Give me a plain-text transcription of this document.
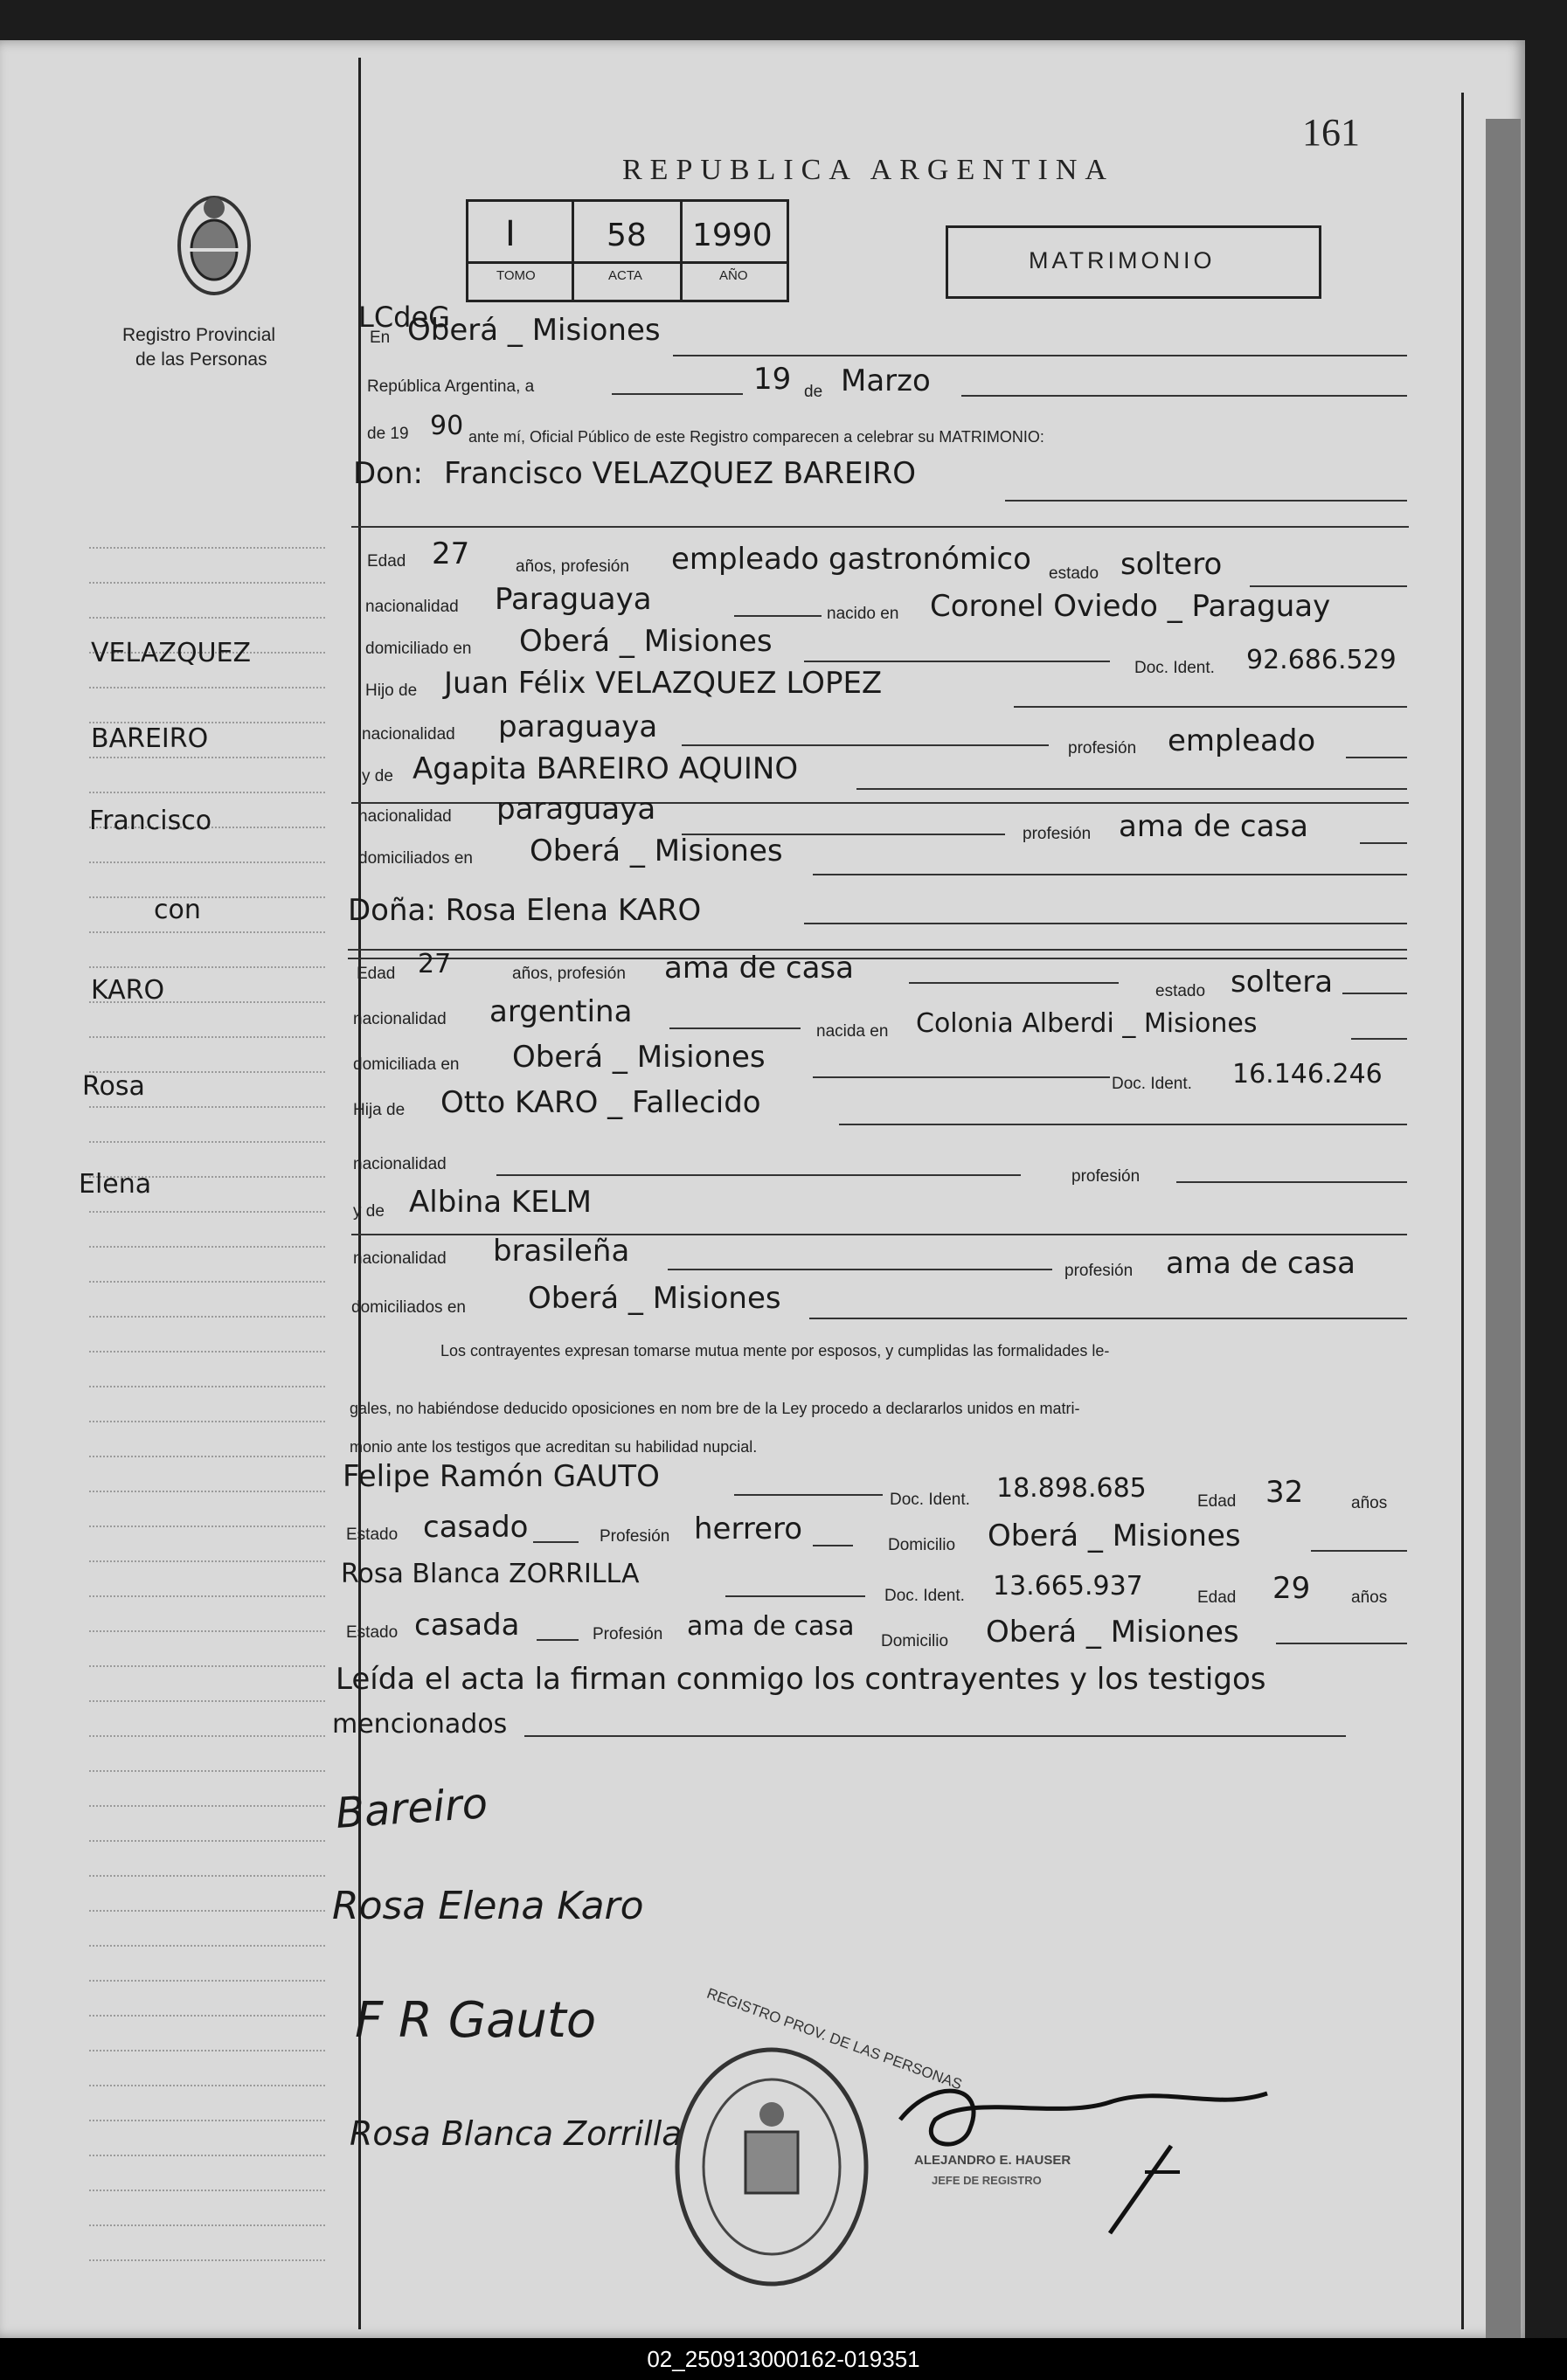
161
Registro Provincial
de las Personas
REPUBLICA ARGENTINA
I	58 1990
TOMO	ACTA	AÑO
LCdeG
MATRIMONIO
En Oberá _ Misiones
República Argentina, a	19 de Marzo
de 19 90 ante mí, Oficial Público de este Registro comparecen a celebrar su MATRIMONIO:
Don: Francisco VELAZQUEZ BAREIRO
Edad 27	años, profesión empleado gastronómico estado soltero
nacionalidad Paraguaya	nacido en Coronel Oviedo _ Paraguay
domiciliado en Oberá _ Misiones
Doc. Ident. 92.686.529
Hijo de Juan Félix VELAZQUEZ LOPEZ
nacionalidad paraguaya
profesión empleado
y de Agapita BAREIRO AQUINO
nacionalidad paraguaya
profesión ama de casa
domiciliados en Oberá _ Misiones
Doña: Rosa Elena KARO
Edad 27	años, profesión ama de casa
estado soltera
nacionalidad argentina
nacida en Colonia Alberdi _ Misiones
domiciliada en Oberá _ Misiones
Doc. Ident. 16.146.246
Hija de Otto KARO _ Fallecido
nacionalidad
profesión
y de Albina KELM
nacionalidad brasileña
profesión ama de casa
domiciliados en Oberá _ Misiones
Los contrayentes expresan tomarse mutua mente por esposos, y cumplidas las formalidades le-
gales, no habiéndose deducido oposiciones en nom bre de la Ley procedo a declararlos unidos en matri-
monio ante los testigos que acreditan su habilidad nupcial.
Felipe Ramón GAUTO
Doc. Ident. 18.898.685	Edad 32	años
Estado casado	Profesión herrero	Domicilio Oberá _ Misiones
Rosa Blanca ZORRILLA
Doc. Ident. 13.665.937	Edad 29 años
Estado casada	Profesión ama de casa Domicilio Oberá _ Misiones
Leída el acta la firman conmigo los contrayentes y los testigos
mencionados
Bareiro
Rosa Elena Karo
F R Gauto
Rosa Blanca Zorrilla
REGISTRO PROV. DE LAS PERSONAS
ALEJANDRO E. HAUSER
JEFE DE REGISTRO
VELAZQUEZ
BAREIRO
Francisco
con
KARO
Rosa
Elena
02_250913000162-019351
